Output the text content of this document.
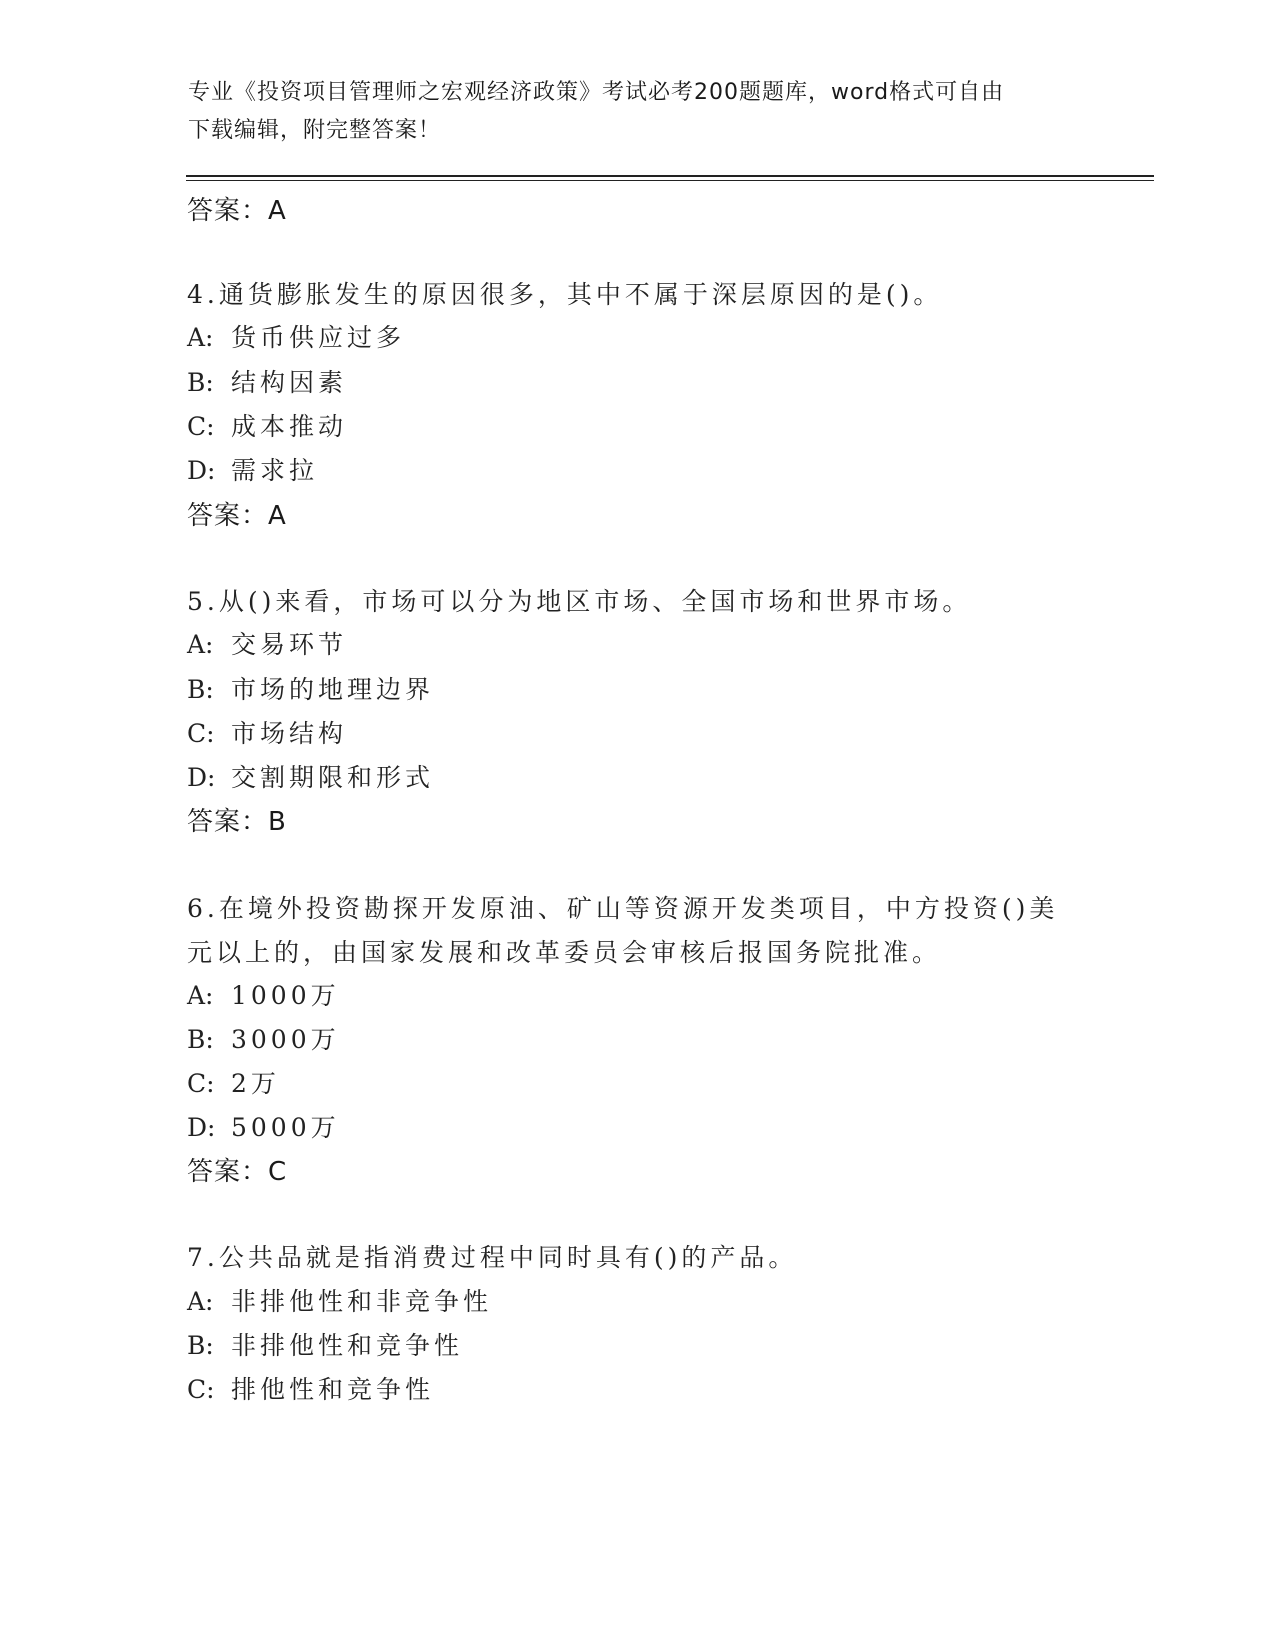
专业《投资项目管理师之宏观经济政策》考试必考200题题库，word格式可自由
下载编辑，附完整答案！
答案：A
4.通货膨胀发生的原因很多，其中不属于深层原因的是()。
A: 货币供应过多
B: 结构因素
C: 成本推动
D: 需求拉
答案：A
5.从()来看，市场可以分为地区市场、全国市场和世界市场。
A: 交易环节
B: 市场的地理边界
C: 市场结构
D: 交割期限和形式
答案：B
6.在境外投资勘探开发原油、矿山等资源开发类项目，中方投资()美
元以上的，由国家发展和改革委员会审核后报国务院批准。
A: 1000万
B: 3000万
C: 2万
D: 5000万
答案：C
7.公共品就是指消费过程中同时具有()的产品。
A: 非排他性和非竞争性
B: 非排他性和竞争性
C: 排他性和竞争性
